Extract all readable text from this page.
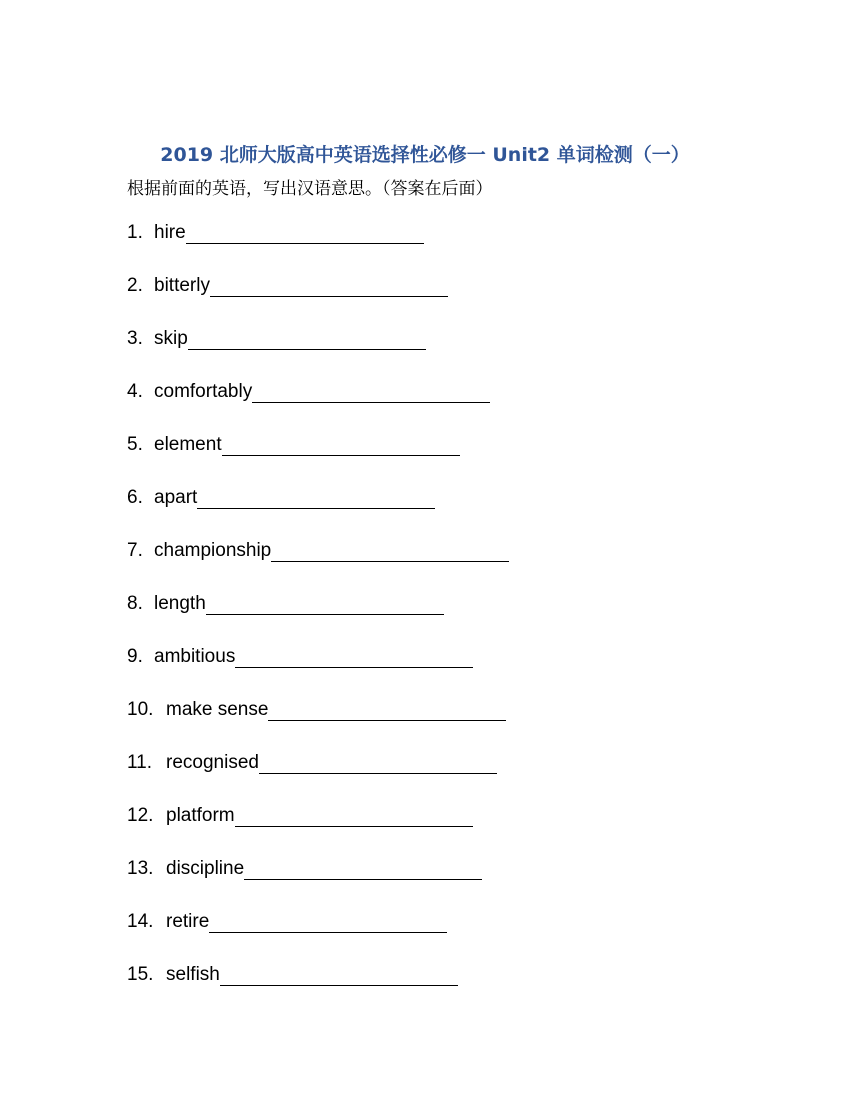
2019 北师大版高中英语选择性必修一 Unit2 单词检测（一）
根据前面的英语，写出汉语意思。（答案在后面）
1. hire
2. bitterly
3. skip
4. comfortably
5. element
6. apart
7. championship
8. length
9. ambitious
10. make sense
11. recognised
12. platform
13. discipline
14. retire
15. selfish
